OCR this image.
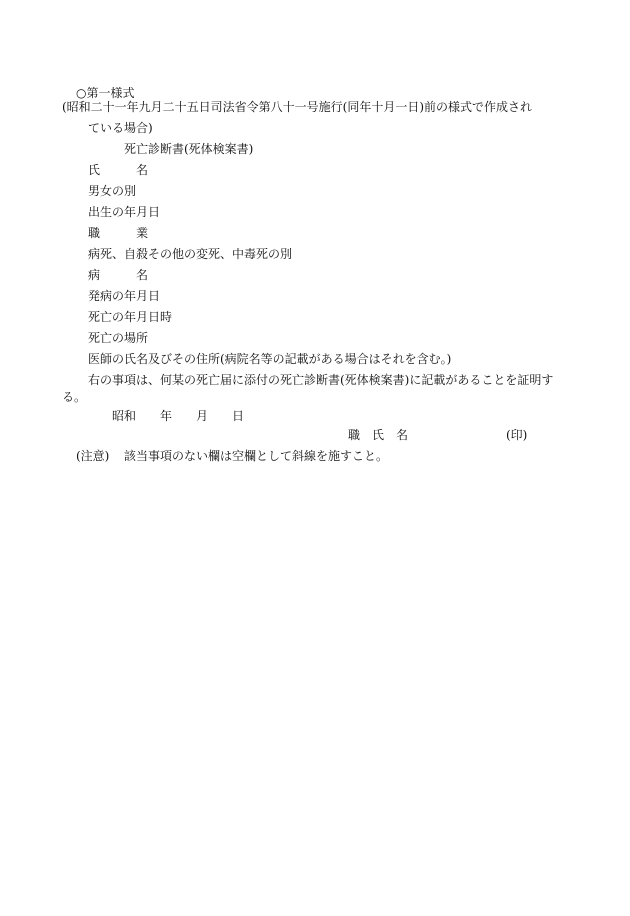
○第一様式
(昭和二十一年九月二十五日司法省令第八十一号施行(同年十月一日)前の様式で作成され
ている場合)
死亡診断書(死体検案書)
氏　　　名
男女の別
出生の年月日
職　　　業
病死、自殺その他の変死、中毒死の別
病　　　名
発病の年月日
死亡の年月日時
死亡の場所
医師の氏名及びその住所(病院名等の記載がある場合はそれを含む。)
右の事項は、何某の死亡届に添付の死亡診断書(死体検案書)に記載があることを証明す
る。
昭和　　年　　月　　日
職　氏　名	(印)
(注意) 該当事項のない欄は空欄として斜線を施すこと。
